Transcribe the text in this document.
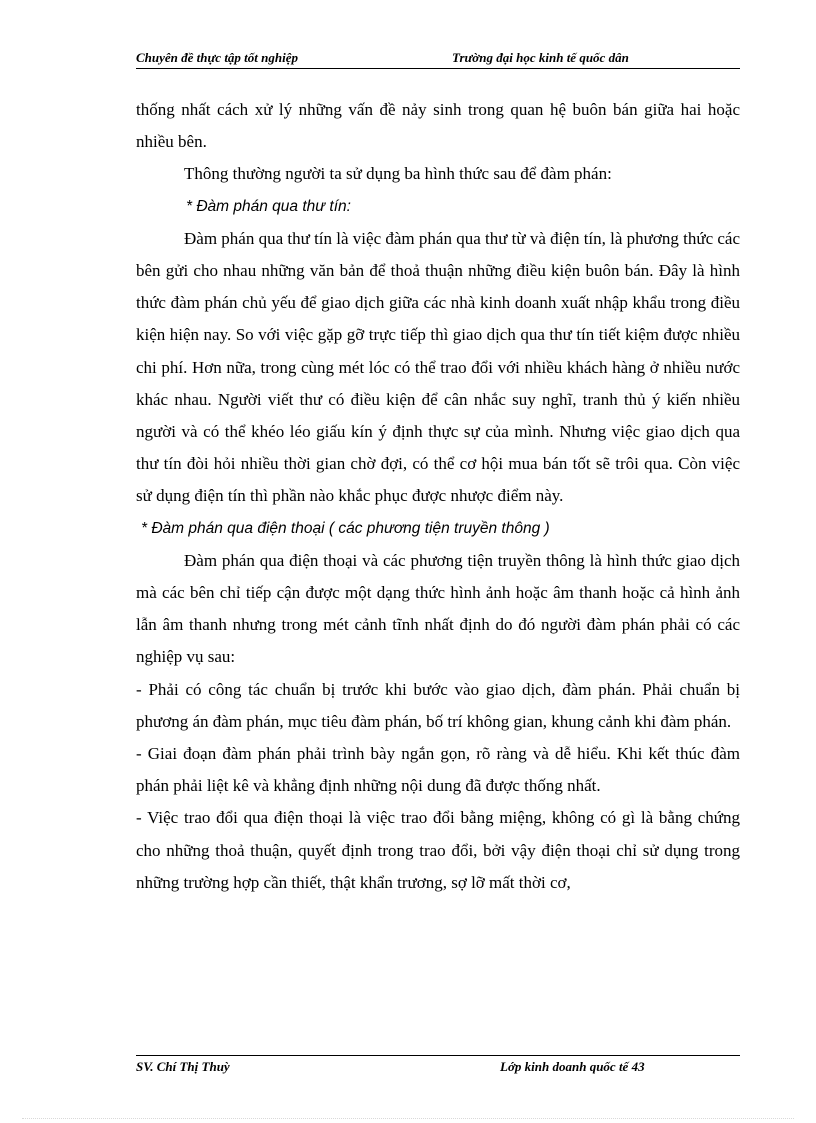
Chuyên đề thực tập tốt nghiệp	Trường đại học kinh tế quốc dân

thống nhất cách xử lý những vấn đề nảy sinh trong quan hệ buôn bán giữa hai hoặc nhiều bên.

Thông thường người ta sử dụng ba hình thức sau để đàm phán:

* Đàm phán qua thư tín:

Đàm phán qua thư tín là việc đàm phán qua thư từ và điện tín, là phương thức các bên gửi cho nhau những văn bản để thoả thuận những điều kiện buôn bán. Đây là hình thức đàm phán chủ yếu để giao dịch giữa các nhà kinh doanh xuất nhập khẩu trong điều kiện hiện nay. So với việc gặp gỡ trực tiếp thì giao dịch qua thư tín tiết kiệm được nhiều chi phí. Hơn nữa, trong cùng mét lóc có thể trao đổi với nhiều khách hàng ở nhiều nước khác nhau. Người viết thư có điều kiện để cân nhắc suy nghĩ, tranh thủ ý kiến nhiều người và có thể khéo léo giấu kín ý định thực sự của mình. Nhưng việc giao dịch qua thư tín đòi hỏi nhiều thời gian chờ đợi, có thể cơ hội mua bán tốt sẽ trôi qua. Còn việc sử dụng điện tín thì phần nào khắc phục được nhược điểm này.

* Đàm phán qua điện thoại ( các phương tiện truyền thông )

Đàm phán qua điện thoại và các phương tiện truyền thông là hình thức giao dịch mà các bên chỉ tiếp cận được một dạng thức hình ảnh hoặc âm thanh hoặc cả hình ảnh lẫn âm thanh nhưng trong mét cảnh tĩnh nhất định do đó người đàm phán phải có các nghiệp vụ sau:

- Phải có công tác chuẩn bị trước khi bước vào giao dịch, đàm phán. Phải chuẩn bị phương án đàm phán, mục tiêu đàm phán, bố trí không gian, khung cảnh khi đàm phán.

- Giai đoạn đàm phán phải trình bày ngắn gọn, rõ ràng và dễ hiểu. Khi kết thúc đàm phán phải liệt kê và khẳng định những nội dung đã được thống nhất.

- Việc trao đổi qua điện thoại là việc trao đổi bằng miệng, không có gì là bằng chứng cho những thoả thuận, quyết định trong trao đổi, bởi vậy điện thoại chỉ sử dụng trong những trường hợp cần thiết, thật khẩn trương, sợ lỡ mất thời cơ,

SV. Chí Thị Thuỳ	Lớp kinh doanh quốc tế 43
